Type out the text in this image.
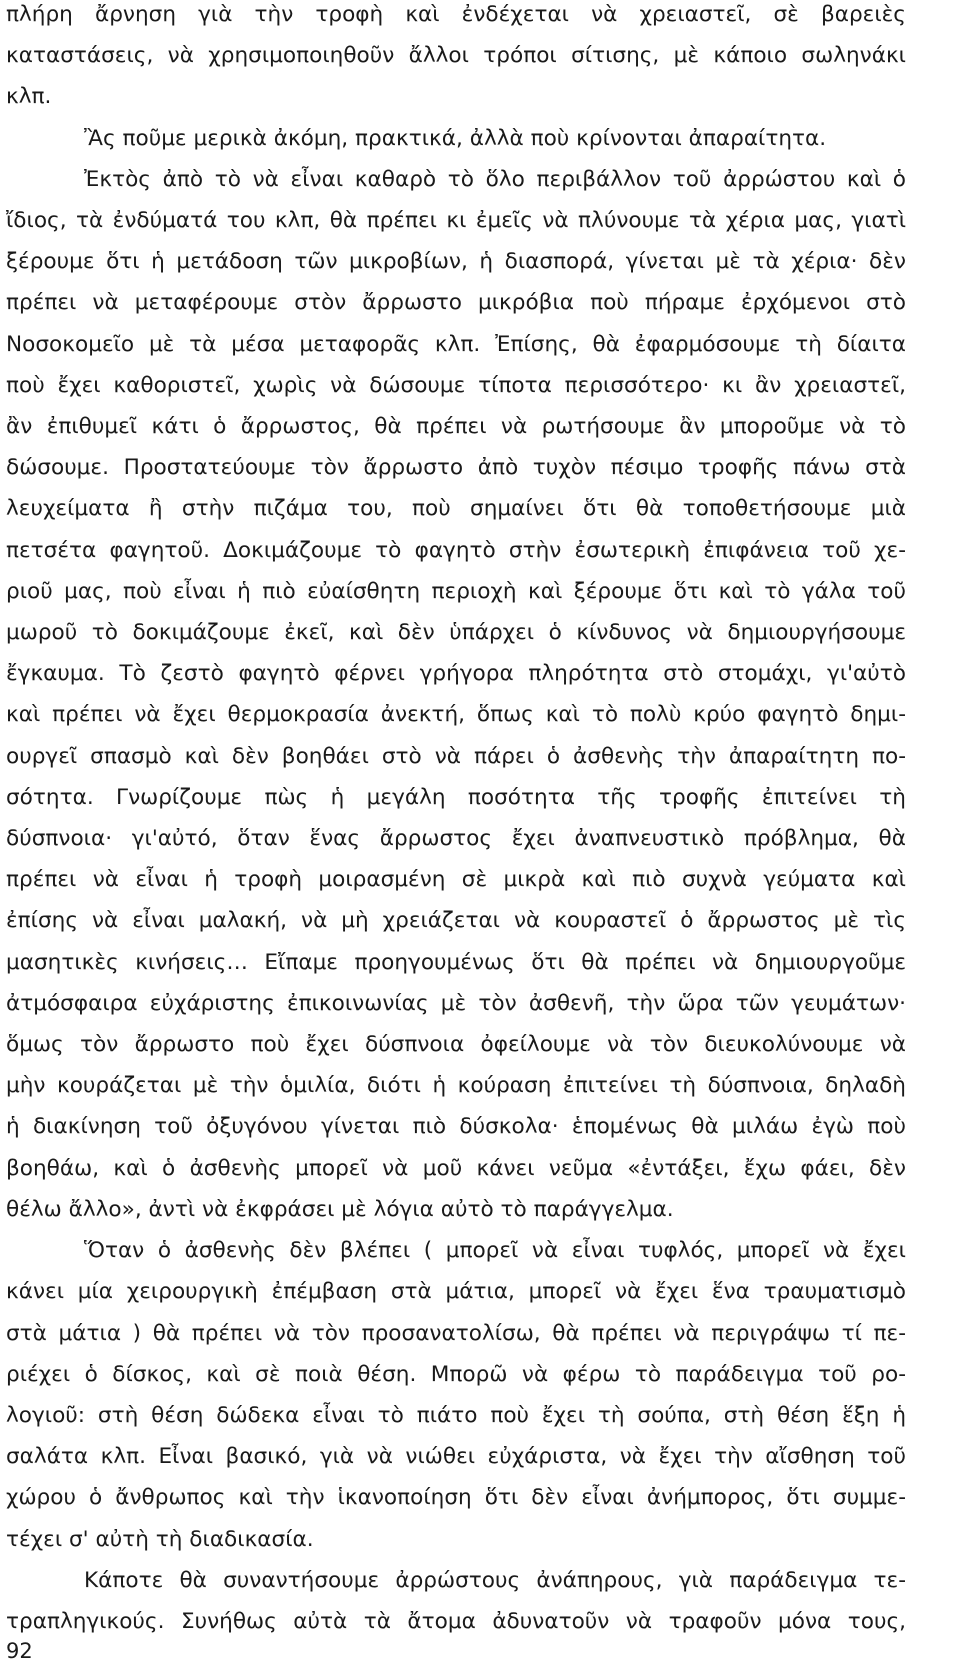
πλήρη ἄρνηση γιὰ τὴν τροφὴ καὶ ἐνδέχεται νὰ χρειαστεῖ, σὲ βαρειὲς
καταστάσεις, νὰ χρησιμοποιηθοῦν ἄλλοι τρόποι σίτισης, μὲ κάποιο σωληνάκι
κλπ.
Ἂς ποῦμε μερικὰ ἀκόμη, πρακτικά, ἀλλὰ ποὺ κρίνονται ἀπαραίτητα.
Ἐκτὸς ἀπὸ τὸ νὰ εἶναι καθαρὸ τὸ ὅλο περιβάλλον τοῦ ἀρρώστου καὶ ὁ
ἴδιος, τὰ ἐνδύματά του κλπ, θὰ πρέπει κι ἐμεῖς νὰ πλύνουμε τὰ χέρια μας, γιατὶ
ξέρουμε ὅτι ἡ μετάδοση τῶν μικροβίων, ἡ διασπορά, γίνεται μὲ τὰ χέρια· δὲν
πρέπει νὰ μεταφέρουμε στὸν ἄρρωστο μικρόβια ποὺ πήραμε ἐρχόμενοι στὸ
Νοσοκομεῖο μὲ τὰ μέσα μεταφορᾶς κλπ. Ἐπίσης, θὰ ἐφαρμόσουμε τὴ δίαιτα
ποὺ ἔχει καθοριστεῖ, χωρὶς νὰ δώσουμε τίποτα περισσότερο· κι ἂν χρειαστεῖ,
ἂν ἐπιθυμεῖ κάτι ὁ ἄρρωστος, θὰ πρέπει νὰ ρωτήσουμε ἂν μποροῦμε νὰ τὸ
δώσουμε. Προστατεύουμε τὸν ἄρρωστο ἀπὸ τυχὸν πέσιμο τροφῆς πάνω στὰ
λευχείματα ἢ στὴν πιζάμα του, ποὺ σημαίνει ὅτι θὰ τοποθετήσουμε μιὰ
πετσέτα φαγητοῦ. Δοκιμάζουμε τὸ φαγητὸ στὴν ἐσωτερικὴ ἐπιφάνεια τοῦ χε-
ριοῦ μας, ποὺ εἶναι ἡ πιὸ εὐαίσθητη περιοχὴ καὶ ξέρουμε ὅτι καὶ τὸ γάλα τοῦ
μωροῦ τὸ δοκιμάζουμε ἐκεῖ, καὶ δὲν ὑπάρχει ὁ κίνδυνος νὰ δημιουργήσουμε
ἔγκαυμα. Τὸ ζεστὸ φαγητὸ φέρνει γρήγορα πληρότητα στὸ στομάχι, γι'αὐτὸ
καὶ πρέπει νὰ ἔχει θερμοκρασία ἀνεκτή, ὅπως καὶ τὸ πολὺ κρύο φαγητὸ δημι-
ουργεῖ σπασμὸ καὶ δὲν βοηθάει στὸ νὰ πάρει ὁ ἀσθενὴς τὴν ἀπαραίτητη πο-
σότητα. Γνωρίζουμε πὼς ἡ μεγάλη ποσότητα τῆς τροφῆς ἐπιτείνει τὴ
δύσπνοια· γι'αὐτό, ὅταν ἕνας ἄρρωστος ἔχει ἀναπνευστικὸ πρόβλημα, θὰ
πρέπει νὰ εἶναι ἡ τροφὴ μοιρασμένη σὲ μικρὰ καὶ πιὸ συχνὰ γεύματα καὶ
ἐπίσης νὰ εἶναι μαλακή, νὰ μὴ χρειάζεται νὰ κουραστεῖ ὁ ἄρρωστος μὲ τὶς
μασητικὲς κινήσεις… Εἴπαμε προηγουμένως ὅτι θὰ πρέπει νὰ δημιουργοῦμε
ἀτμόσφαιρα εὐχάριστης ἐπικοινωνίας μὲ τὸν ἀσθενῆ, τὴν ὥρα τῶν γευμάτων·
ὅμως τὸν ἄρρωστο ποὺ ἔχει δύσπνοια ὀφείλουμε νὰ τὸν διευκολύνουμε νὰ
μὴν κουράζεται μὲ τὴν ὁμιλία, διότι ἡ κούραση ἐπιτείνει τὴ δύσπνοια, δηλαδὴ
ἡ διακίνηση τοῦ ὀξυγόνου γίνεται πιὸ δύσκολα· ἑπομένως θὰ μιλάω ἐγὼ ποὺ
βοηθάω, καὶ ὁ ἀσθενὴς μπορεῖ νὰ μοῦ κάνει νεῦμα «ἐντάξει, ἔχω φάει, δὲν
θέλω ἄλλο», ἀντὶ νὰ ἐκφράσει μὲ λόγια αὐτὸ τὸ παράγγελμα.
Ὅταν ὁ ἀσθενὴς δὲν βλέπει ( μπορεῖ νὰ εἶναι τυφλός, μπορεῖ νὰ ἔχει
κάνει μία χειρουργικὴ ἐπέμβαση στὰ μάτια, μπορεῖ νὰ ἔχει ἕνα τραυματισμὸ
στὰ μάτια ) θὰ πρέπει νὰ τὸν προσανατολίσω, θὰ πρέπει νὰ περιγράψω τί πε-
ριέχει ὁ δίσκος, καὶ σὲ ποιὰ θέση. Μπορῶ νὰ φέρω τὸ παράδειγμα τοῦ ρο-
λογιοῦ: στὴ θέση δώδεκα εἶναι τὸ πιάτο ποὺ ἔχει τὴ σούπα, στὴ θέση ἕξη ἡ
σαλάτα κλπ. Εἶναι βασικό, γιὰ νὰ νιώθει εὐχάριστα, νὰ ἔχει τὴν αἴσθηση τοῦ
χώρου ὁ ἄνθρωπος καὶ τὴν ἱκανοποίηση ὅτι δὲν εἶναι ἀνήμπορος, ὅτι συμμε-
τέχει σ' αὐτὴ τὴ διαδικασία.
Κάποτε θὰ συναντήσουμε ἀρρώστους ἀνάπηρους, γιὰ παράδειγμα τε-
τραπληγικούς. Συνήθως αὐτὰ τὰ ἄτομα ἀδυνατοῦν νὰ τραφοῦν μόνα τους,
92
